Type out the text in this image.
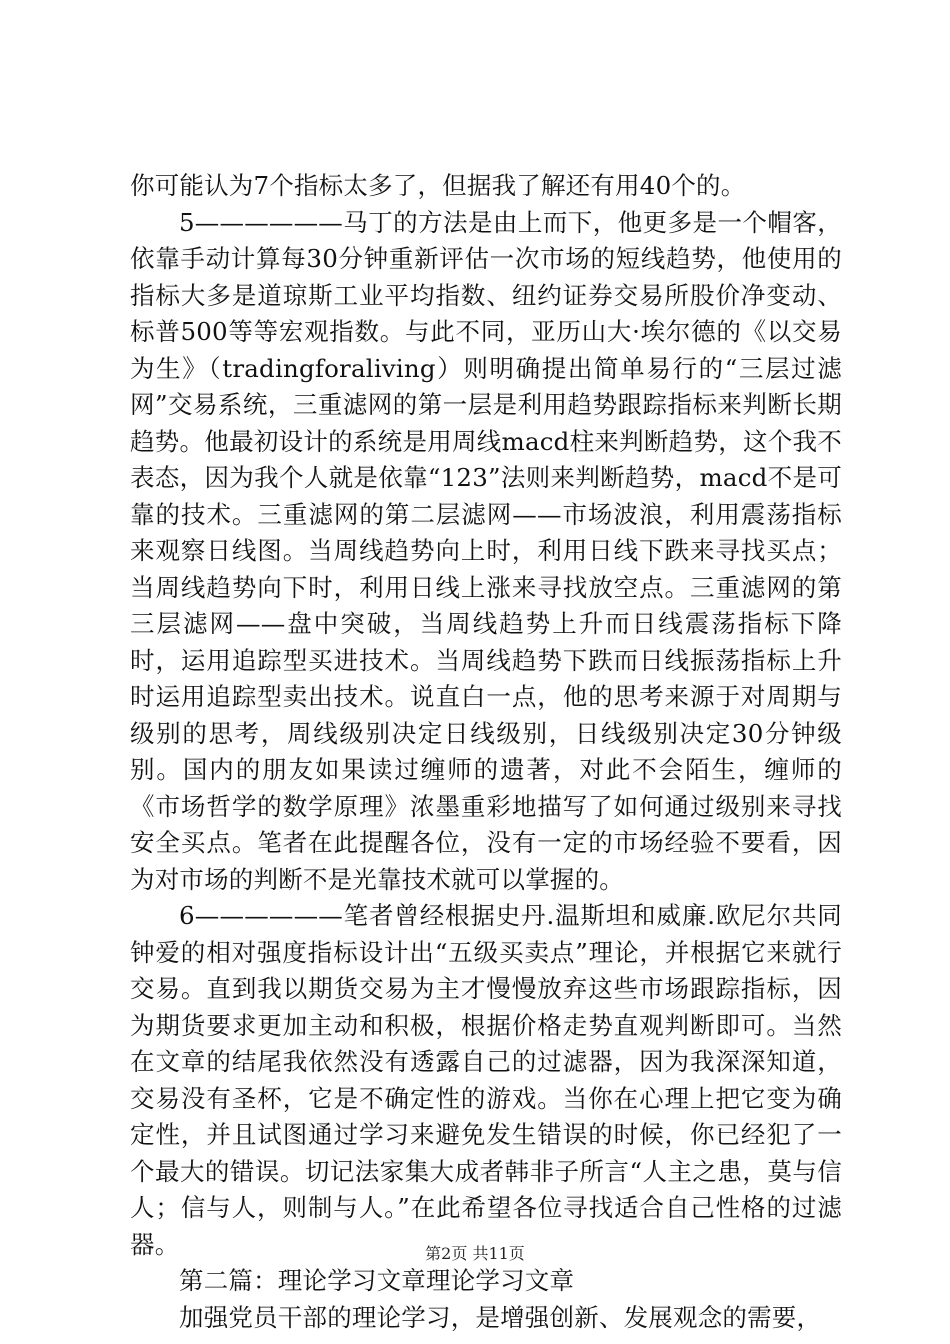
你可能认为7个指标太多了，但据我了解还有用40个的。

5——————马丁的方法是由上而下，他更多是一个帽客，依靠手动计算每30分钟重新评估一次市场的短线趋势，他使用的指标大多是道琼斯工业平均指数、纽约证券交易所股价净变动、标普500等等宏观指数。与此不同，亚历山大·埃尔德的《以交易为生》（tradingforaliving）则明确提出简单易行的“三层过滤网”交易系统，三重滤网的第一层是利用趋势跟踪指标来判断长期趋势。他最初设计的系统是用周线macd柱来判断趋势，这个我不表态，因为我个人就是依靠“123”法则来判断趋势，macd不是可靠的技术。三重滤网的第二层滤网——市场波浪，利用震荡指标来观察日线图。当周线趋势向上时，利用日线下跌来寻找买点；当周线趋势向下时，利用日线上涨来寻找放空点。三重滤网的第三层滤网——盘中突破，当周线趋势上升而日线震荡指标下降时，运用追踪型买进技术。当周线趋势下跌而日线振荡指标上升时运用追踪型卖出技术。说直白一点，他的思考来源于对周期与级别的思考，周线级别决定日线级别，日线级别决定30分钟级别。国内的朋友如果读过缠师的遗著，对此不会陌生，缠师的《市场哲学的数学原理》浓墨重彩地描写了如何通过级别来寻找安全买点。笔者在此提醒各位，没有一定的市场经验不要看，因为对市场的判断不是光靠技术就可以掌握的。

6——————笔者曾经根据史丹.温斯坦和威廉.欧尼尔共同钟爱的相对强度指标设计出“五级买卖点”理论，并根据它来就行交易。直到我以期货交易为主才慢慢放弃这些市场跟踪指标，因为期货要求更加主动和积极，根据价格走势直观判断即可。当然在文章的结尾我依然没有透露自己的过滤器，因为我深深知道，交易没有圣杯，它是不确定性的游戏。当你在心理上把它变为确定性，并且试图通过学习来避免发生错误的时候，你已经犯了一个最大的错误。切记法家集大成者韩非子所言“人主之患，莫与信人；信与人，则制与人。”在此希望各位寻找适合自己性格的过滤器。

第二篇：理论学习文章理论学习文章

加强党员干部的理论学习，是增强创新、发展观念的需要，

第2页 共11页
